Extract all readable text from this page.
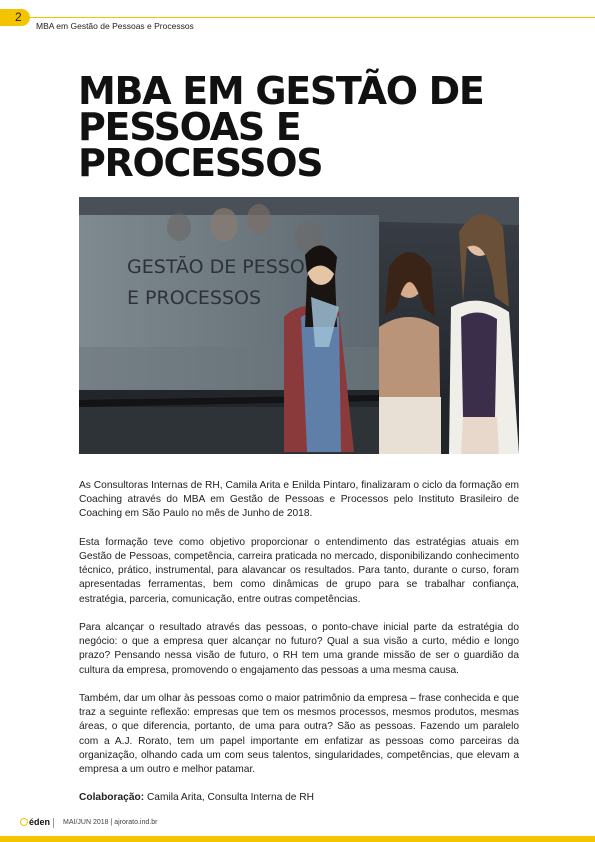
2
MBA em Gestão de Pessoas e Processos
MBA EM GESTÃO DE PESSOAS E PROCESSOS
GESTÃO DE PESSO
E PROCESSOS

As Consultoras Internas de RH, Camila Arita e Enilda Pintaro, finalizaram o ciclo da formação em Coaching através do MBA em Gestão de Pessoas e Processos pelo Instituto Brasileiro de Coaching em São Paulo no mês de Junho de 2018.

Esta formação teve como objetivo proporcionar o entendimento das estratégias atuais em Gestão de Pessoas, competência, carreira praticada no mercado, disponibilizando conhecimento técnico, prático, instrumental, para alavancar os resultados. Para tanto, durante o curso, foram apresentadas ferramentas, bem como dinâmicas de grupo para se trabalhar confiança, estratégia, parceria, comunicação, entre outras competências.

Para alcançar o resultado através das pessoas, o ponto-chave inicial parte da estratégia do negócio: o que a empresa quer alcançar no futuro? Qual a sua visão a curto, médio e longo prazo? Pensando nessa visão de futuro, o RH tem uma grande missão de ser o guardião da cultura da empresa, promovendo o engajamento das pessoas a uma mesma causa.

Também, dar um olhar às pessoas como o maior patrimônio da empresa – frase conhecida e que traz a seguinte reflexão: empresas que tem os mesmos processos, mesmos produtos, mesmas áreas, o que diferencia, portanto, de uma para outra? São as pessoas. Fazendo um paralelo com a A.J. Rorato, tem um papel importante em enfatizar as pessoas como parceiras da organização, olhando cada um com seus talentos, singularidades, competências, que elevam a empresa a um outro e melhor patamar.

Colaboração: Camila Arita, Consulta Interna de RH

éden MAI/JUN 2018 | ajrorato.ind.br
